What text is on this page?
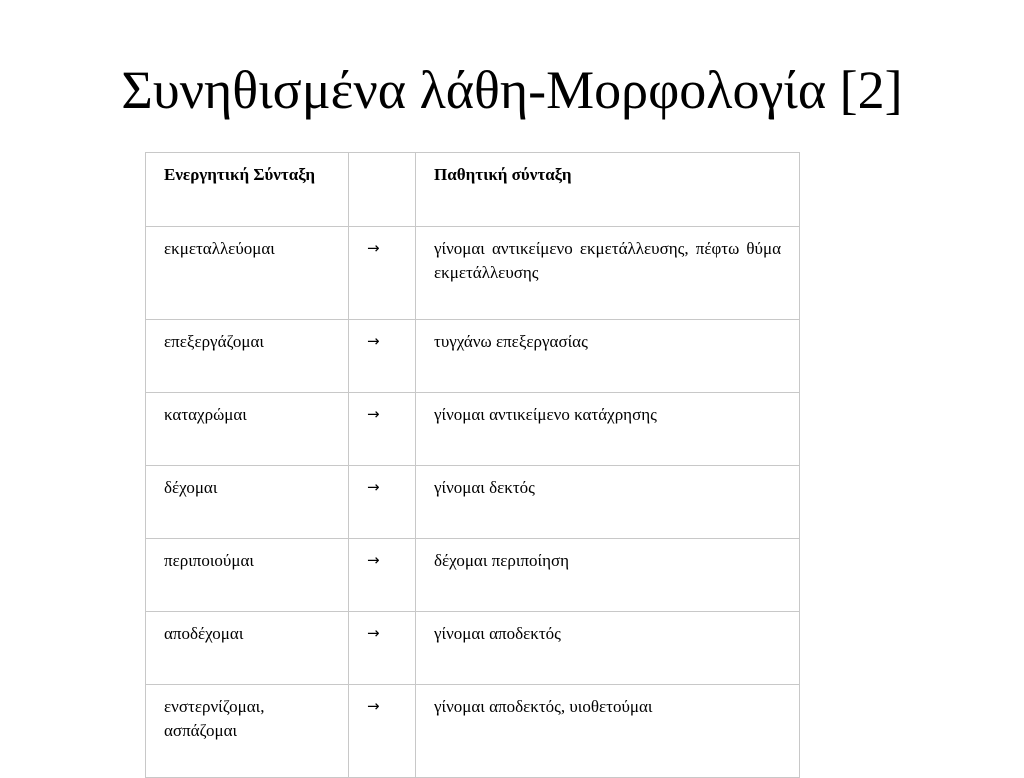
Συνηθισμένα λάθη-Μορφολογία [2]
Ενεργητική Σύνταξη		Παθητική σύνταξη
εκμεταλλεύομαι	→	γίνομαι αντικείμενο εκμετάλλευσης, πέφτω θύμα εκμετάλλευσης
επεξεργάζομαι	→	τυγχάνω επεξεργασίας
καταχρώμαι	→	γίνομαι αντικείμενο κατάχρησης
δέχομαι	→	γίνομαι δεκτός
περιποιούμαι	→	δέχομαι περιποίηση
αποδέχομαι	→	γίνομαι αποδεκτός
ενστερνίζομαι, ασπάζομαι	→	γίνομαι αποδεκτός, υιοθετούμαι
